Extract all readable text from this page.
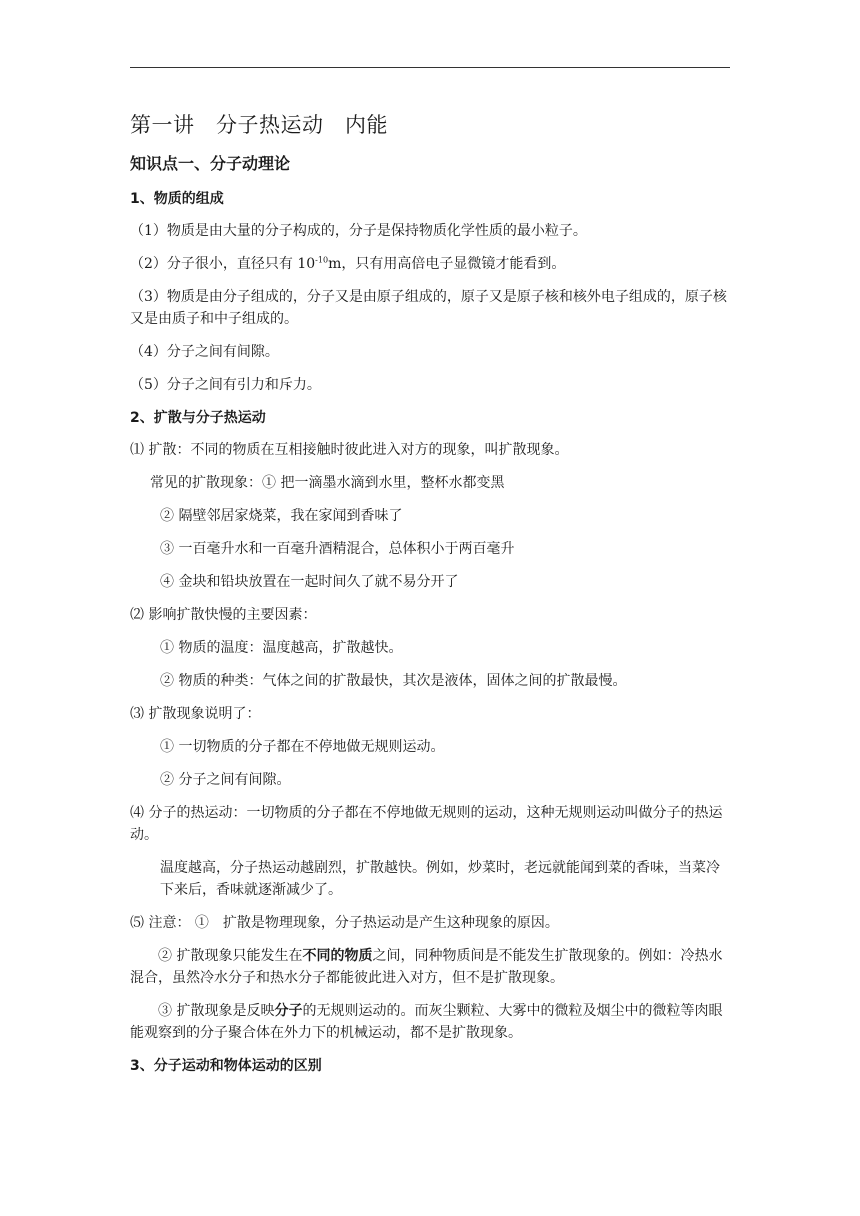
第一讲　分子热运动　内能
知识点一、分子动理论
1、物质的组成

（1）物质是由大量的分子构成的，分子是保持物质化学性质的最小粒子。

（2）分子很小，直径只有 $10^{-10}m$，只有用高倍电子显微镜才能看到。

（3）物质是由分子组成的，分子又是由原子组成的，原子又是原子核和核外电子组成的，原子核又是由质子和中子组成的。

（4）分子之间有间隙。

（5）分子之间有引力和斥力。

2、扩散与分子热运动

⑴ 扩散：不同的物质在互相接触时彼此进入对方的现象，叫扩散现象。

常见的扩散现象：① 把一滴墨水滴到水里，整杯水都变黑

② 隔壁邻居家烧菜，我在家闻到香味了

③ 一百毫升水和一百毫升酒精混合，总体积小于两百毫升

④ 金块和铅块放置在一起时间久了就不易分开了

⑵ 影响扩散快慢的主要因素：

① 物质的温度：温度越高，扩散越快。

② 物质的种类：气体之间的扩散最快，其次是液体，固体之间的扩散最慢。

⑶ 扩散现象说明了：

① 一切物质的分子都在不停地做无规则运动。

② 分子之间有间隙。

⑷ 分子的热运动：一切物质的分子都在不停地做无规则的运动，这种无规则运动叫做分子的热运动。

温度越高，分子热运动越剧烈，扩散越快。例如，炒菜时，老远就能闻到菜的香味，当菜冷下来后，香味就逐渐减少了。

⑸ 注意： ①　扩散是物理现象，分子热运动是产生这种现象的原因。

② 扩散现象只能发生在不同的物质之间，同种物质间是不能发生扩散现象的。例如：冷热水混合，虽然冷水分子和热水分子都能彼此进入对方，但不是扩散现象。

③ 扩散现象是反映分子的无规则运动的。而灰尘颗粒、大雾中的微粒及烟尘中的微粒等肉眼能观察到的分子聚合体在外力下的机械运动，都不是扩散现象。

3、分子运动和物体运动的区别
